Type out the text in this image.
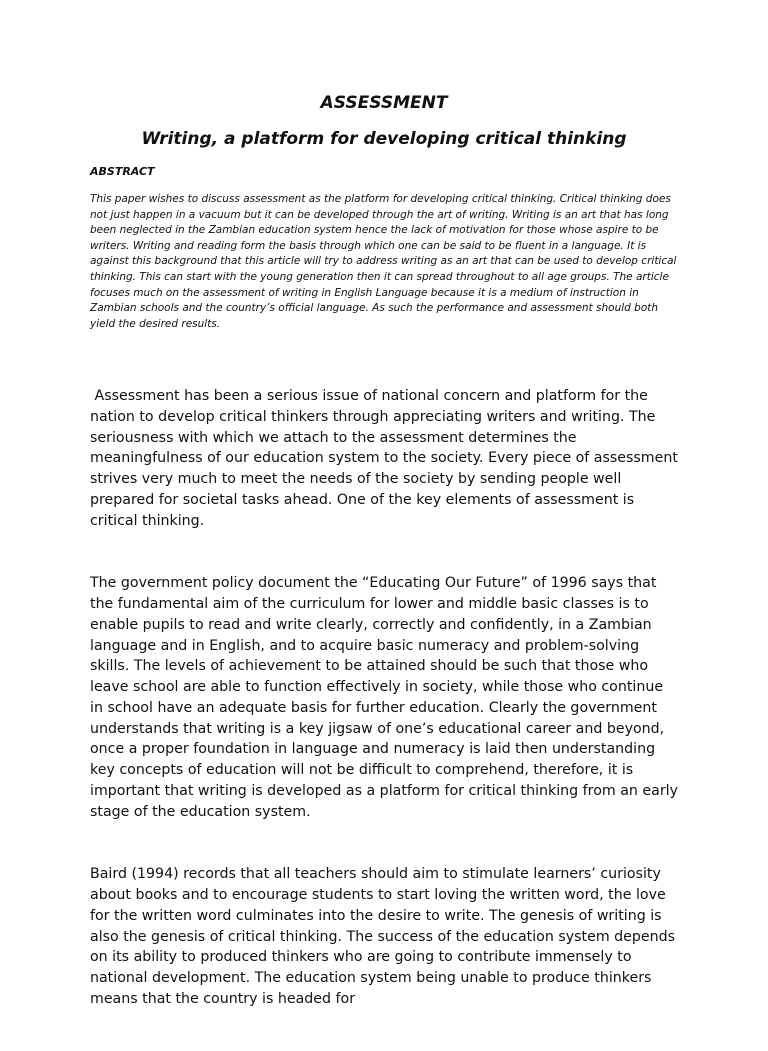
ASSESSMENT
Writing, a platform for developing critical thinking
ABSTRACT

This paper wishes to discuss assessment as the platform for developing critical thinking. Critical thinking does not just happen in a vacuum but it can be developed through the art of writing. Writing is an art that has long been neglected in the Zambian education system hence the lack of motivation for those whose aspire to be writers. Writing and reading form the basis through which one can be said to be fluent in a language. It is against this background that this article will try to address writing as an art that can be used to develop critical thinking. This can start with the young generation then it can spread throughout to all age groups. The article focuses much on the assessment of writing in English Language because it is a medium of instruction in Zambian schools and the country’s official language. As such the performance and assessment should both yield the desired results.

Assessment has been a serious issue of national concern and platform for the nation to develop critical thinkers through appreciating writers and writing. The seriousness with which we attach to the assessment determines the meaningfulness of our education system to the society. Every piece of assessment strives very much to meet the needs of the society by sending people well prepared for societal tasks ahead. One of the key elements of assessment is critical thinking.

The government policy document the “Educating Our Future” of 1996 says that the fundamental aim of the curriculum for lower and middle basic classes is to enable pupils to read and write clearly, correctly and confidently, in a Zambian language and in English, and to acquire basic numeracy and problem-solving skills. The levels of achievement to be attained should be such that those who leave school are able to function effectively in society, while those who continue in school have an adequate basis for further education. Clearly the government understands that writing is a key jigsaw of one’s educational career and beyond, once a proper foundation in language and numeracy is laid then understanding key concepts of education will not be difficult to comprehend, therefore, it is important that writing is developed as a platform for critical thinking from an early stage of the education system.

Baird (1994) records that all teachers should aim to stimulate learners’ curiosity about books and to encourage students to start loving the written word, the love for the written word culminates into the desire to write. The genesis of writing is also the genesis of critical thinking. The success of the education system depends on its ability to produced thinkers who are going to contribute immensely to national development. The education system being unable to produce thinkers means that the country is headed for
